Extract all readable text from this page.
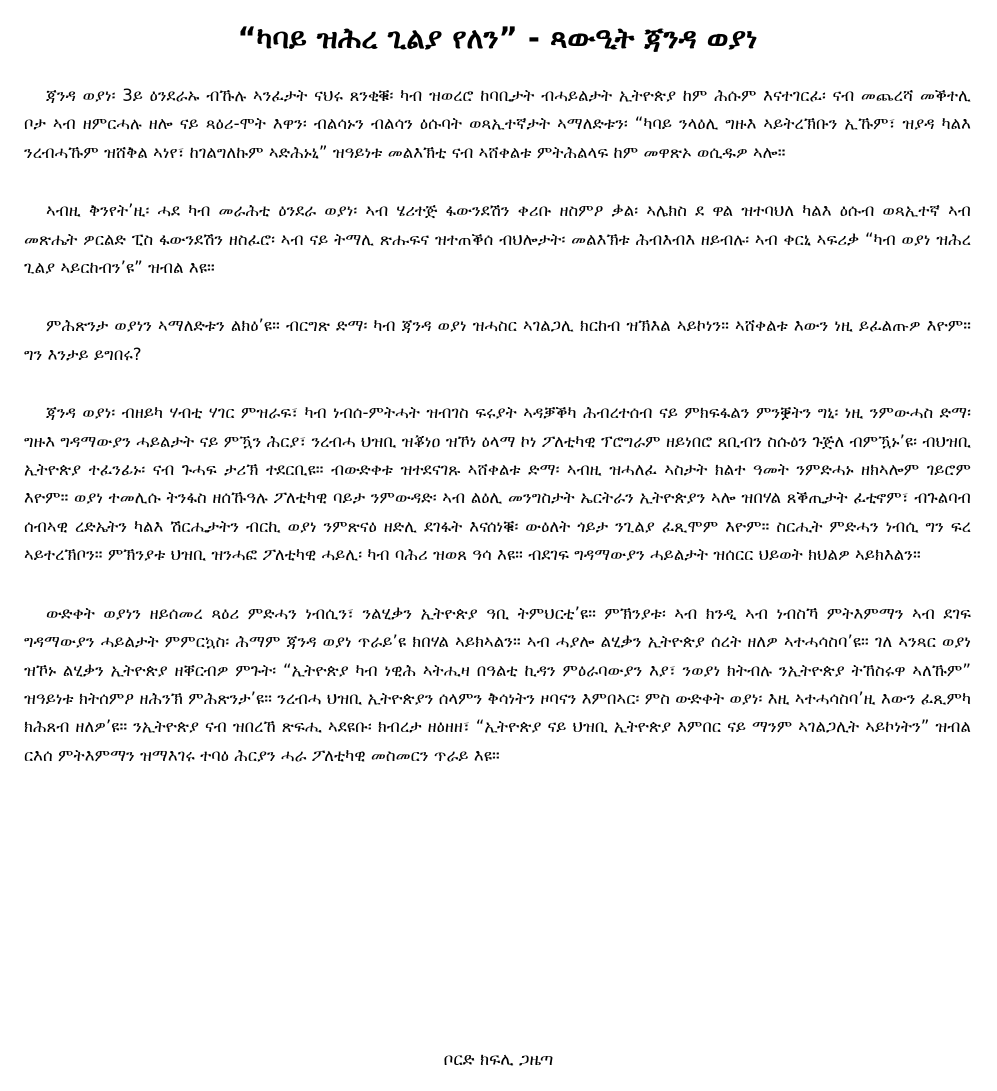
“ካባይ ዝሕረ ጊልያ የለን” - ጻውዒት ጃንዳ ወያነ

ጃንዳ ወያነ፡ 3ይ ዕንደራኡ ብኹሉ ኣንፈታት ናህሩ ጸንቂቑ፡ ካብ ዝወረሮ ከባቢታት ብሓይልታት ኢትዮጵያ ከም ሕሱም እናተገርፈ፡ ናብ መጨረሻ መቕተሊ ቦታ ኣብ ዘምርሓሉ ዘሎ ናይ ጻዕሪ-ሞት እዋን፡ ብልሳኑን ብልሳን ዕሱባት ወጻኢተኛታት ኣማለድቱን፡ “ካባይ ንላዕሊ ግዙእ ኣይትረኽቡን ኢኹም፣ ዝያዳ ካልእ ንረብሓኹም ዝሸቅል ኣነየ፣ ከገልግለኩም ኣድሕኑኒ” ዝዓይነቱ መልእኽቲ ናብ ኣሸቀልቱ ምትሕልላፍ ከም መዋጽኦ ወሲዱዎ ኣሎ።

ኣብዚ ቅንየት’ዚ፡ ሓደ ካብ መራሕቲ ዕንደራ ወያነ፡ ኣብ ሄሪተጅ ፋውንደሽን ቀሪቡ ዘስምዖ ቃል፡ ኣሌክስ ደ ዋል ዝተባህለ ካልእ ዕሱብ ወጻኢተኛ ኣብ መጽሔት ዎርልድ ፒስ ፋውንደሽን ዘስፈሮ፡ ኣብ ናይ ትማሊ ጽሑፍና ዝተጠቕሰ ብህሎታት፡ መልእኽቱ ሕብእብእ ዘይብሉ፡ ኣብ ቀርኒ ኣፍሪቃ “ካብ ወያነ ዝሕረ ጊልያ ኣይርከብን’ዩ” ዝብል እዩ።

ምሕጽንታ ወያነን ኣማለድቱን ልክዕ’ዩ። ብርግጽ ድማ፡ ካብ ጃንዳ ወያነ ዝሓስር ኣገልጋሊ ክርከብ ዝኽእል ኣይኮነን። ኣሸቀልቱ እውን ነዚ ይፈልጡዎ እዮም። ግን እንታይ ይግበሩ?

ጃንዳ ወያነ፡ ብዘይካ ሃብቲ ሃገር ምዝራፍ፣ ካብ ነብሰ-ምትሓት ዝብገስ ፍሩያት ኣዳቓቕካ ሕብረተሰብ ናይ ምክፍፋልን ምንቛትን ግኒ፡ ነዚ ንምውሓስ ድማ፡ ግዙእ ግዳማውያን ሓይልታት ናይ ምዃን ሕርያ፣ ንረብሓ ህዝቢ ዝቖነዐ ዝኾነ ዕላማ ኮነ ፖለቲካዊ ፕሮግራም ዘይነበሮ ጸቢብን ስሱዕን ጉጅለ ብምዃኑ’ዩ፡ ብህዝቢ ኢትዮጵያ ተፈንፊኑ፡ ናብ ጉሓፍ ታሪኽ ተደርቢዩ። ብውድቀቱ ዝተደናገጹ ኣሸቀልቱ ድማ፡ ኣብዚ ዝሓለፈ ኣስታት ክልተ ዓመት ንምድሓኑ ዘክኣሎም ገይሮም እዮም። ወያነ ተመሊሱ ትንፋስ ዘሰኹዓሉ ፖለቲካዊ ባይታ ንምውዳድ፡ ኣብ ልዕሊ መንግስታት ኤርትራን ኢትዮጵያን ኣሎ ዝበሃል ጸቕጢታት ፈቲኖም፣ ብጉልባብ ሰብኣዊ ረድኤትን ካልእ ሽርሒታትን ብርኪ ወያነ ንምጽናዕ ዘድሊ ደገፋት እናሰነቑ፡ ውዕለት ጎይታ ንጊልያ ፈጺሞም እዮም። ስርሒት ምድሓን ነብሲ ግን ፍረ ኣይተረኽቦን። ምኽንያቱ ህዝቢ ዝንሓፎ ፖለቲካዊ ሓይሊ፡ ካብ ባሕሪ ዝወጸ ዓሳ እዩ። ብደገፍ ግዳማውያን ሓይልታት ዝሰርር ህይወት ክህልዎ ኣይክእልን።

ውድቀት ወያነን ዘይሰመረ ጻዕሪ ምድሓን ነብሲን፣ ንልሂቃን ኢትዮጵያ ዓቢ ትምህርቲ’ዩ። ምኽንያቱ፡ ኣብ ክንዲ ኣብ ነብስኻ ምትእምማን ኣብ ደገፍ ግዳማውያን ሓይልታት ምምርኳስ፡ ሕማም ጃንዳ ወያነ ጥራይ’ዩ ክበሃል ኣይክኣልን። ኣብ ሓያሎ ልሂቃን ኢትዮጵያ ሰረት ዘለዎ ኣተሓሳስባ’ዩ። ገለ ኣንጻር ወያነ ዝኾኑ ልሂቃን ኢትዮጵያ ዘቐርብዎ ምጉት፡ “ኢትዮጵያ ካብ ነዊሕ ኣትሒዛ በዓልቲ ኪዳን ምዕራባውያን እያ፣ ንወያነ ክትብሉ ንኢትዮጵያ ትኸስሩዋ ኣለኹም” ዝዓይነቱ ክትሰምዖ ዘሕንኽ ምሕጽንታ’ዩ። ንረብሓ ህዝቢ ኢትዮጵያን ሰላምን ቅሳነትን ዞባናን እምበኣር፡ ምስ ውድቀት ወያነ፡ እዚ ኣተሓሳስባ’ዚ እውን ፈጺምካ ክሕጸብ ዘለዎ’ዩ። ንኢትዮጵያ ናብ ዝበረኸ ጽፍሒ ኣደዩቡ፡ ክብረታ ዘዕዘዘ፣ “ኢትዮጵያ ናይ ህዝቢ ኢትዮጵያ እምበር ናይ ማንም ኣገልጋሊት ኣይኮነትን” ዝብል ርእሰ ምትእምማን ዝማእገሩ ተባዕ ሕርያን ሓራ ፖለቲካዊ መስመርን ጥራይ እዩ።

ቦርድ ክፍሊ ጋዜጣ
